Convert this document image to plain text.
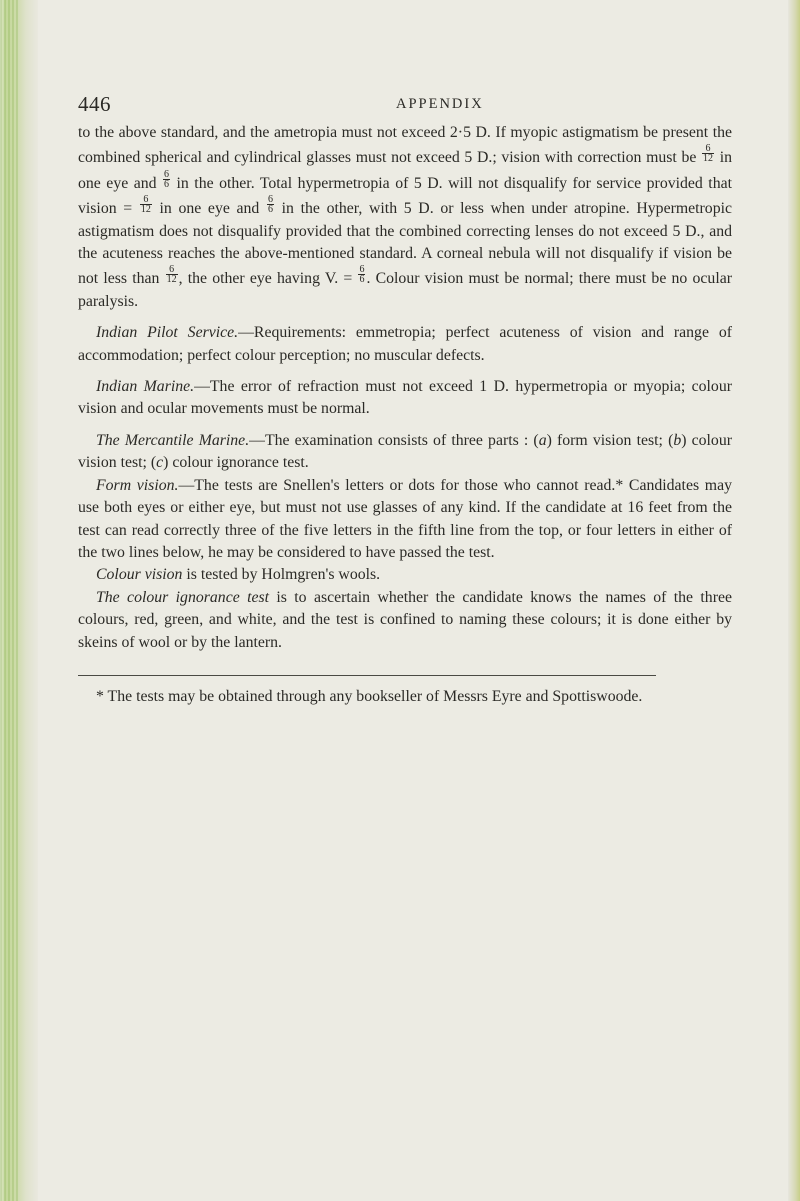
446	APPENDIX

to the above standard, and the ametropia must not exceed 2·5 D. If myopic astigmatism be present the combined spherical and cylindrical glasses must not exceed 5 D.; vision with correction must be $\frac{6}{12}$ in one eye and $\frac{6}{6}$ in the other. Total hypermetropia of 5 D. will not disqualify for service provided that vision = $\frac{6}{12}$ in one eye and $\frac{6}{6}$ in the other, with 5 D. or less when under atropine. Hypermetropic astigmatism does not disqualify provided that the combined correcting lenses do not exceed 5 D., and the acuteness reaches the above-mentioned standard. A corneal nebula will not disqualify if vision be not less than $\frac{6}{12}$ , the other eye having V. = $\frac{6}{6}$ . Colour vision must be normal; there must be no ocular paralysis.

Indian Pilot Service.—Requirements: emmetropia; perfect acuteness of vision and range of accommodation; perfect colour perception; no muscular defects.

Indian Marine.—The error of refraction must not exceed 1 D. hypermetropia or myopia; colour vision and ocular movements must be normal.

The Mercantile Marine.—The examination consists of three parts : (a) form vision test; (b) colour vision test; (c) colour ignorance test.

Form vision.—The tests are Snellen's letters or dots for those who cannot read.* Candidates may use both eyes or either eye, but must not use glasses of any kind. If the candidate at 16 feet from the test can read correctly three of the five letters in the fifth line from the top, or four letters in either of the two lines below, he may be considered to have passed the test.

Colour vision is tested by Holmgren's wools.

The colour ignorance test is to ascertain whether the candidate knows the names of the three colours, red, green, and white, and the test is confined to naming these colours; it is done either by skeins of wool or by the lantern.

* The tests may be obtained through any bookseller of Messrs Eyre and Spottiswoode.
